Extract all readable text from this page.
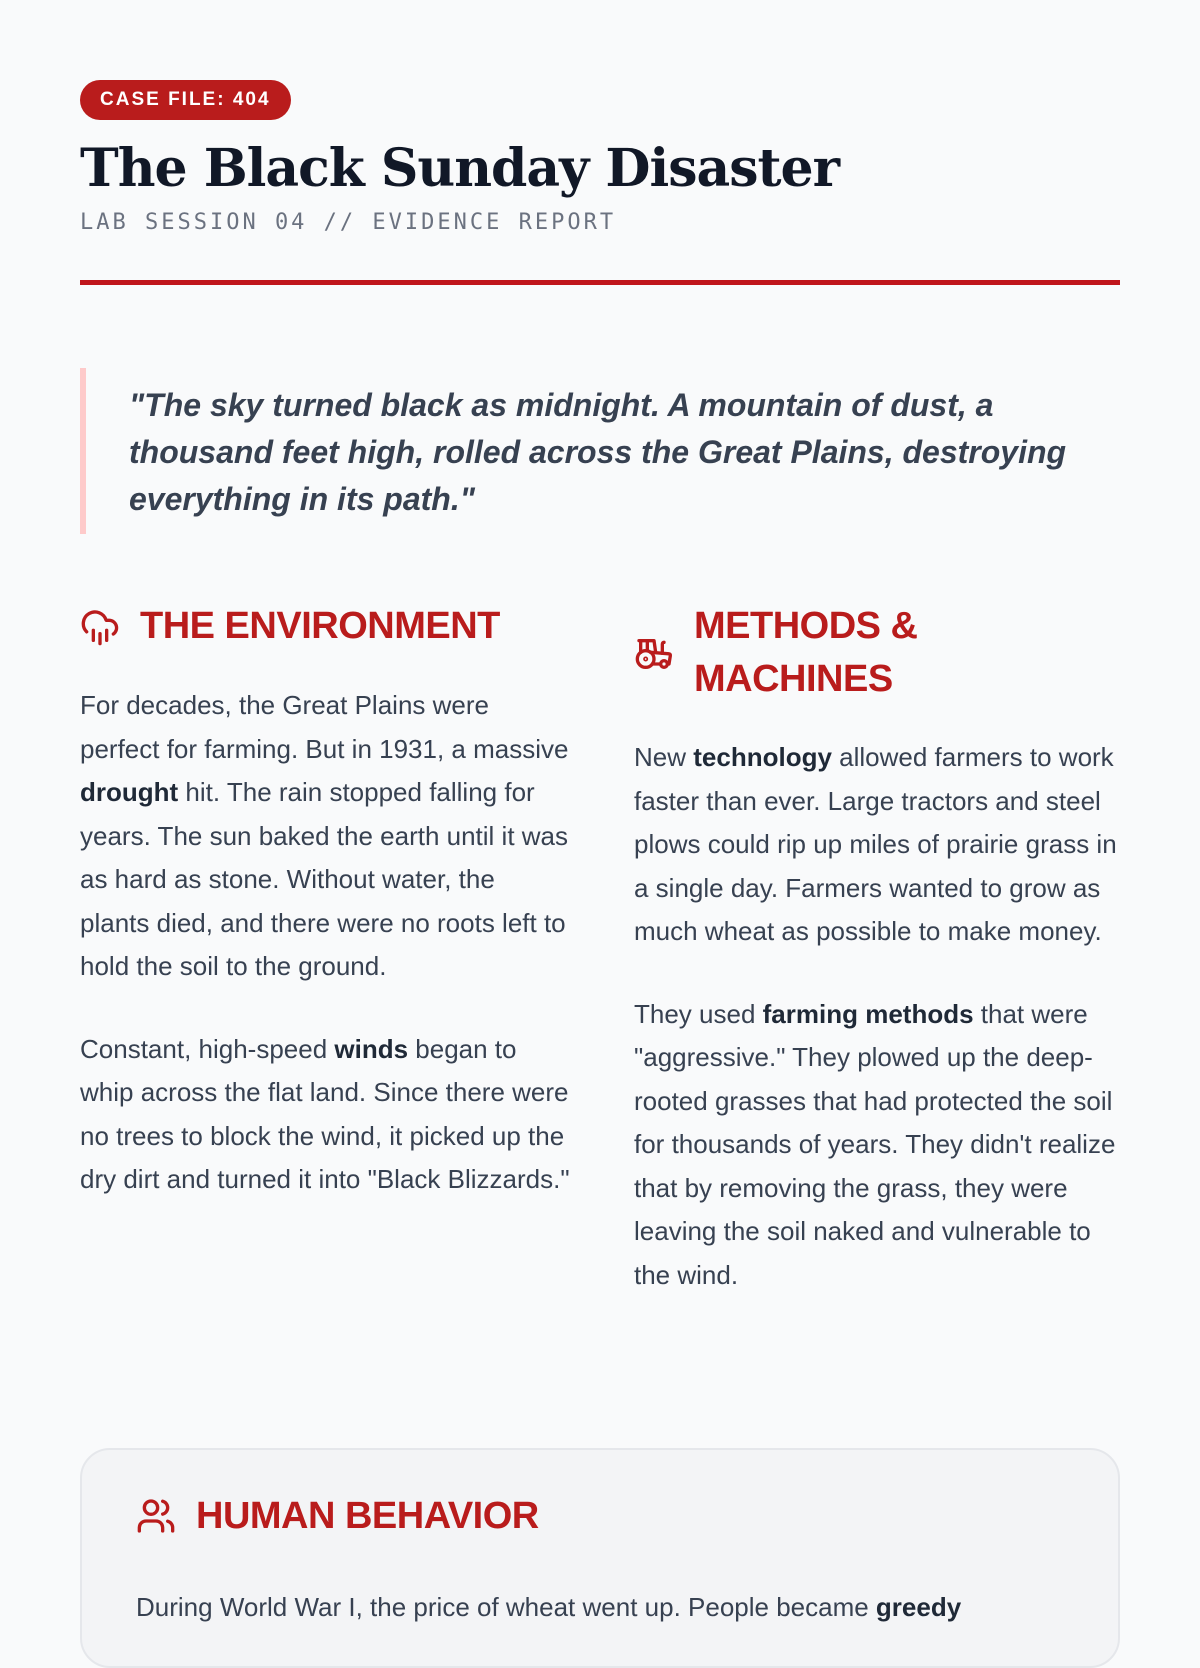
CASE FILE: 404
The Black Sunday Disaster
LAB SESSION 04 // EVIDENCE REPORT
"The sky turned black as midnight. A mountain of dust, a thousand feet high, rolled across the Great Plains, destroying everything in its path."
THE ENVIRONMENT

For decades, the Great Plains were perfect for farming. But in 1931, a massive drought hit. The rain stopped falling for years. The sun baked the earth until it was as hard as stone. Without water, the plants died, and there were no roots left to hold the soil to the ground.

Constant, high-speed winds began to whip across the flat land. Since there were no trees to block the wind, it picked up the dry dirt and turned it into "Black Blizzards."

METHODS &
MACHINES

New technology allowed farmers to work faster than ever. Large tractors and steel plows could rip up miles of prairie grass in a single day. Farmers wanted to grow as much wheat as possible to make money.

They used farming methods that were "aggressive." They plowed up the deep-rooted grasses that had protected the soil for thousands of years. They didn't realize that by removing the grass, they were leaving the soil naked and vulnerable to the wind.

HUMAN BEHAVIOR

During World War I, the price of wheat went up. People became greedy
